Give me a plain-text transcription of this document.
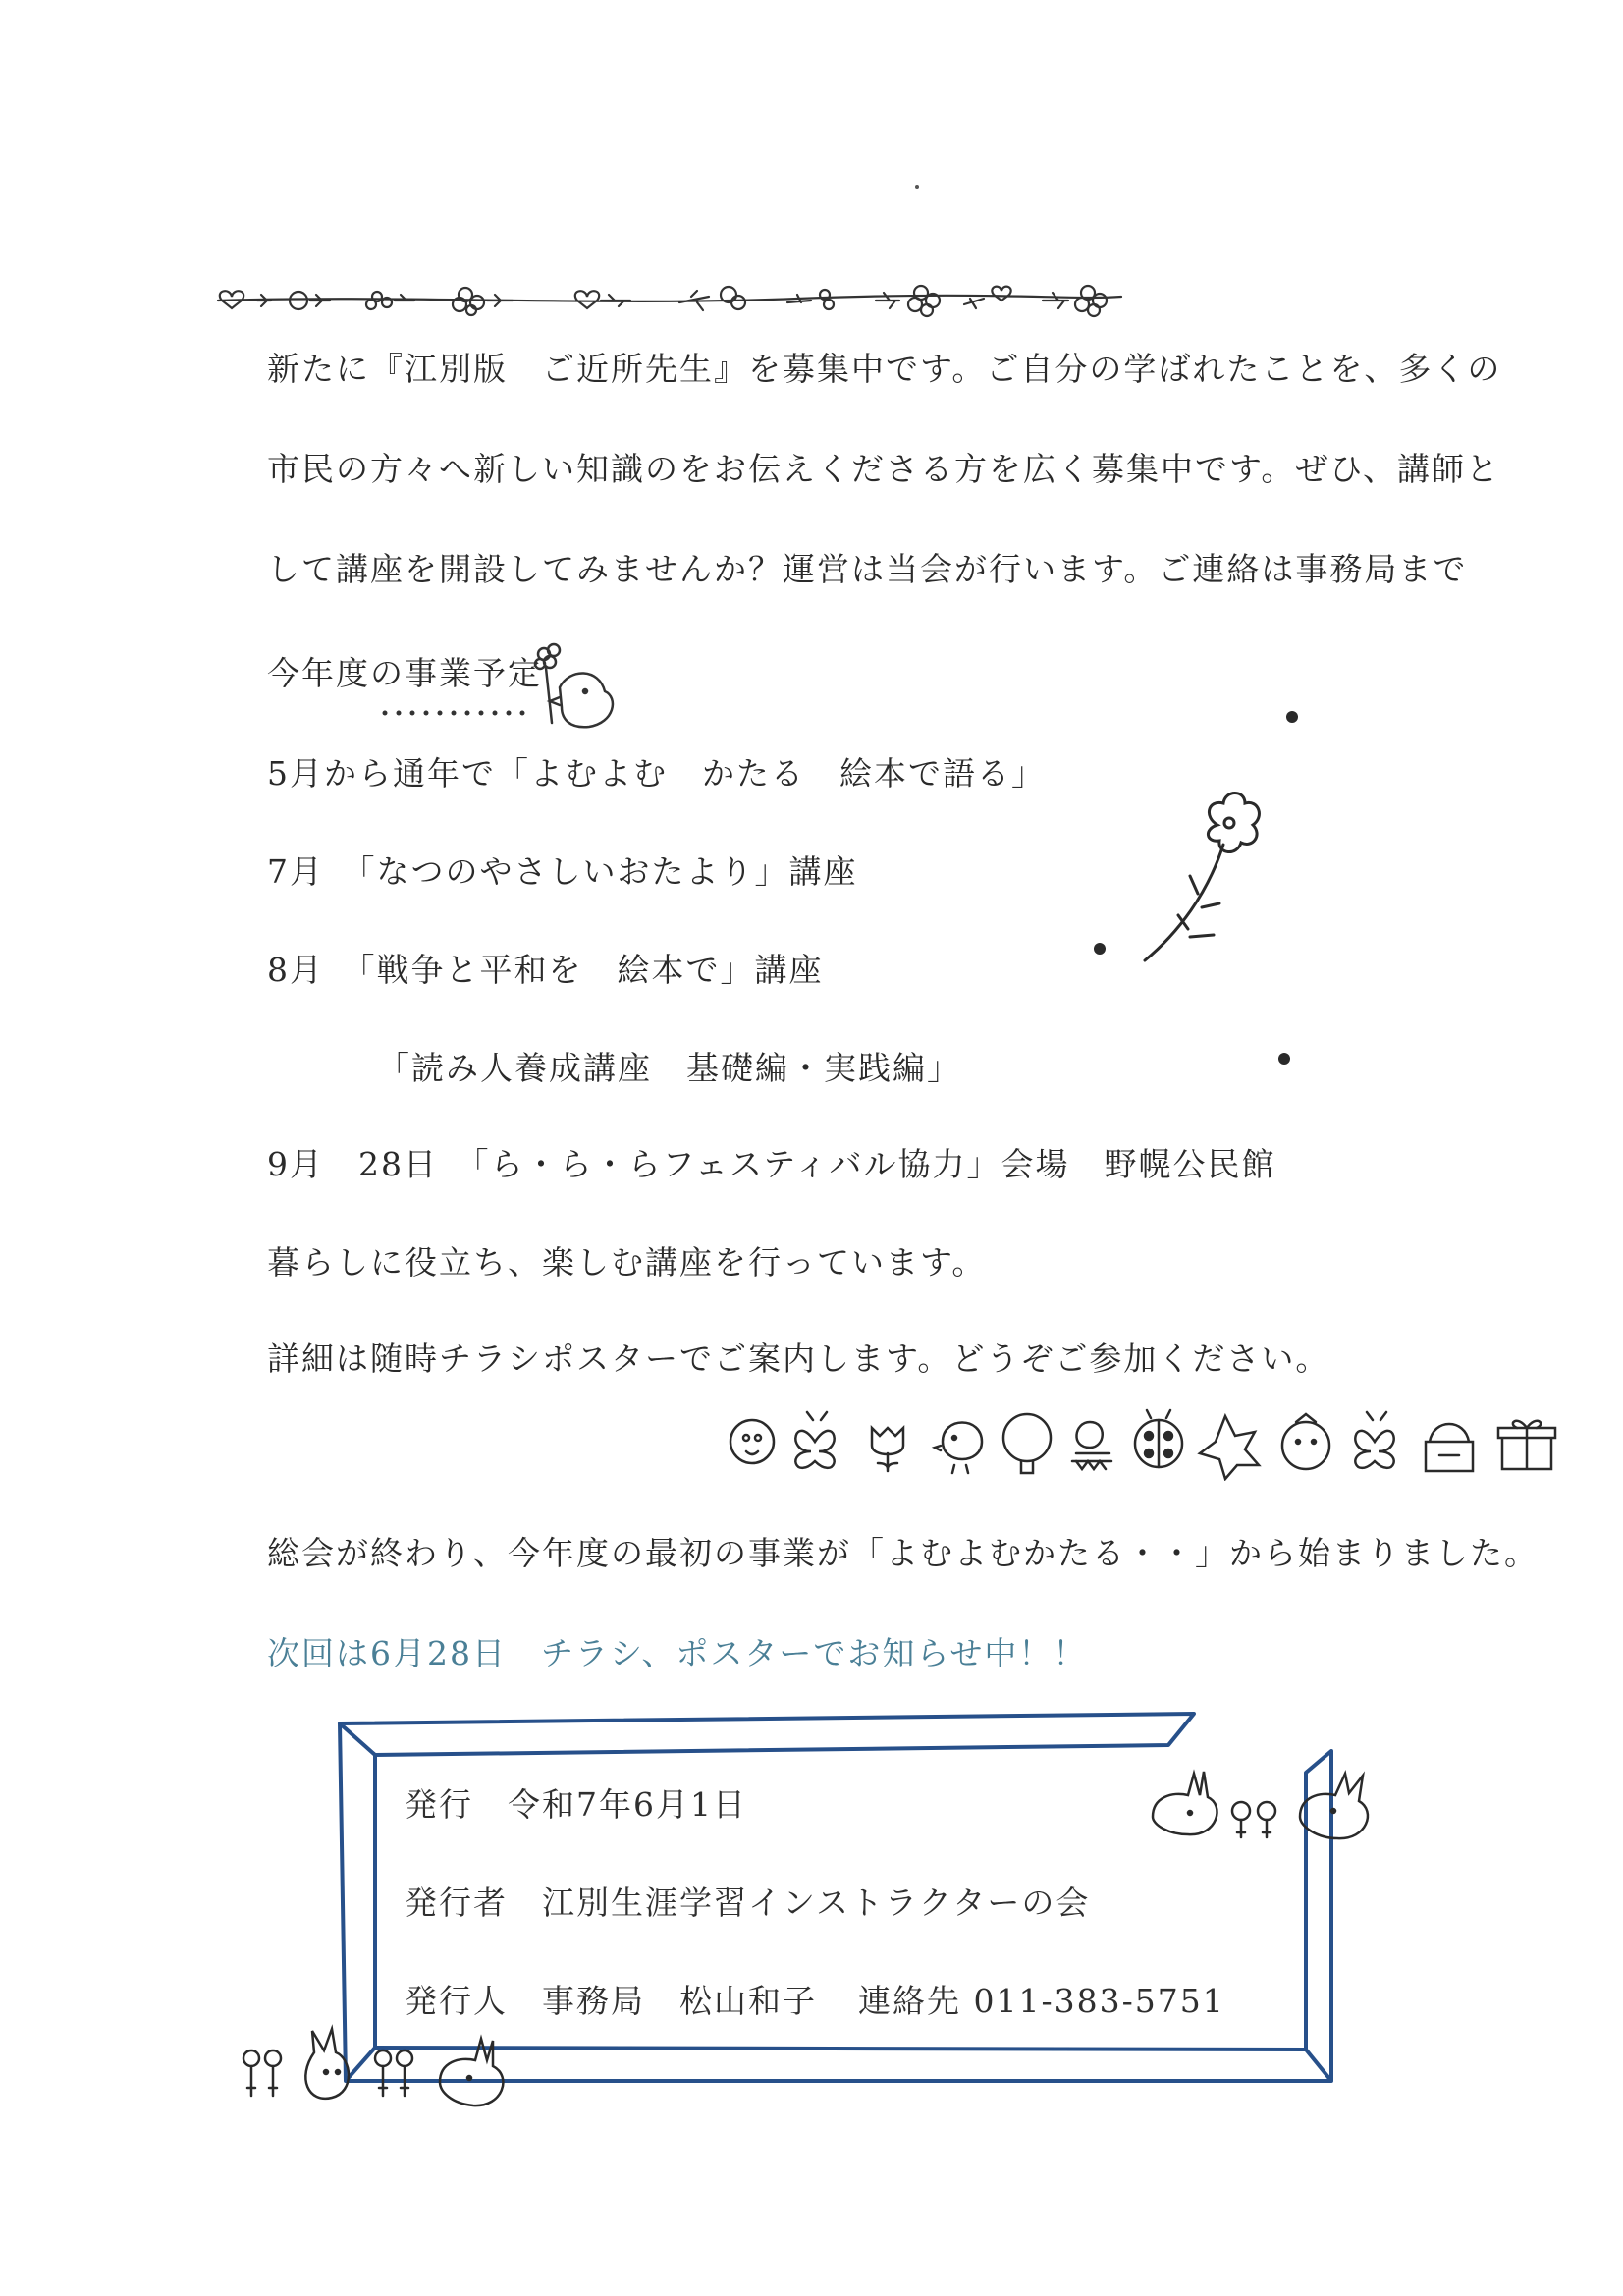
新たに『江別版　ご近所先生』を募集中です。ご自分の学ばれたことを、多くの
市民の方々へ新しい知識のをお伝えくださる方を広く募集中です。ぜひ、講師と
して講座を開設してみませんか？運営は当会が行います。ご連絡は事務局まで
今年度の事業予定
5月から通年で「よむよむ　かたる　絵本で語る」
7月　「なつのやさしいおたより」講座
8月　「戦争と平和を　絵本で」講座
「読み人養成講座　基礎編・実践編」
9月　28日　「ら・ら・らフェスティバル協力」会場　野幌公民館
暮らしに役立ち、楽しむ講座を行っています。
詳細は随時チラシポスターでご案内します。どうぞご参加ください。
総会が終わり、今年度の最初の事業が「よむよむかたる・・」から始まりました。
次回は6月28日　チラシ、ポスターでお知らせ中！！
発行　令和7年6月1日
発行者　江別生涯学習インストラクターの会
発行人　事務局　松山和子 連絡先 011-383-5751
